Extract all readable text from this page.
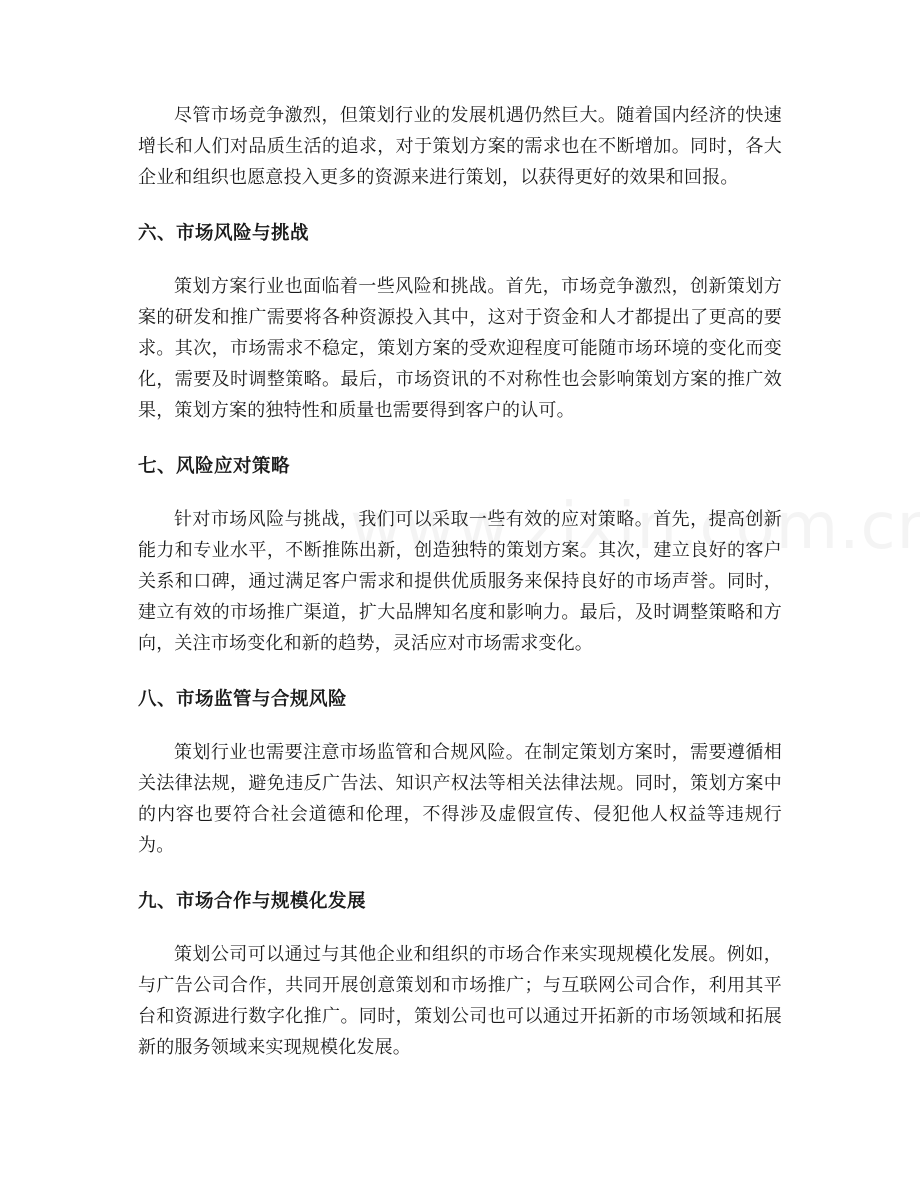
尽管市场竞争激烈，但策划行业的发展机遇仍然巨大。随着国内经济的快速增长和人们对品质生活的追求，对于策划方案的需求也在不断增加。同时，各大企业和组织也愿意投入更多的资源来进行策划，以获得更好的效果和回报。

六、市场风险与挑战

策划方案行业也面临着一些风险和挑战。首先，市场竞争激烈，创新策划方案的研发和推广需要将各种资源投入其中，这对于资金和人才都提出了更高的要求。其次，市场需求不稳定，策划方案的受欢迎程度可能随市场环境的变化而变化，需要及时调整策略。最后，市场资讯的不对称性也会影响策划方案的推广效果，策划方案的独特性和质量也需要得到客户的认可。

七、风险应对策略

针对市场风险与挑战，我们可以采取一些有效的应对策略。首先，提高创新能力和专业水平，不断推陈出新，创造独特的策划方案。其次，建立良好的客户关系和口碑，通过满足客户需求和提供优质服务来保持良好的市场声誉。同时，建立有效的市场推广渠道，扩大品牌知名度和影响力。最后，及时调整策略和方向，关注市场变化和新的趋势，灵活应对市场需求变化。

八、市场监管与合规风险

策划行业也需要注意市场监管和合规风险。在制定策划方案时，需要遵循相关法律法规，避免违反广告法、知识产权法等相关法律法规。同时，策划方案中的内容也要符合社会道德和伦理，不得涉及虚假宣传、侵犯他人权益等违规行为。

九、市场合作与规模化发展

策划公司可以通过与其他企业和组织的市场合作来实现规模化发展。例如，与广告公司合作，共同开展创意策划和市场推广；与互联网公司合作，利用其平台和资源进行数字化推广。同时，策划公司也可以通过开拓新的市场领域和拓展新的服务领域来实现规模化发展。
